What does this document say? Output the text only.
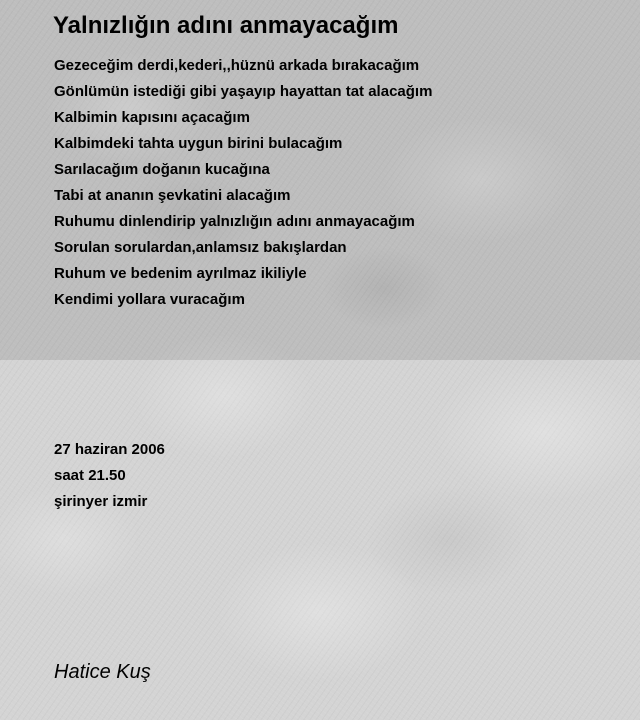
Yalnızlığın adını anmayacağım
Gezeceğim derdi,kederi,,hüznü arkada bırakacağım
Gönlümün istediği gibi yaşayıp hayattan tat alacağım
Kalbimin kapısını açacağım
Kalbimdeki tahta uygun birini bulacağım
Sarılacağım doğanın kucağına
Tabi at ananın şevkatini alacağım
Ruhumu dinlendirip yalnızlığın adını anmayacağım
Sorulan sorulardan,anlamsız bakışlardan
Ruhum ve bedenim ayrılmaz ikiliyle
Kendimi yollara vuracağım
27 haziran 2006
saat 21.50
şirinyer izmir

Hatice Kuş
